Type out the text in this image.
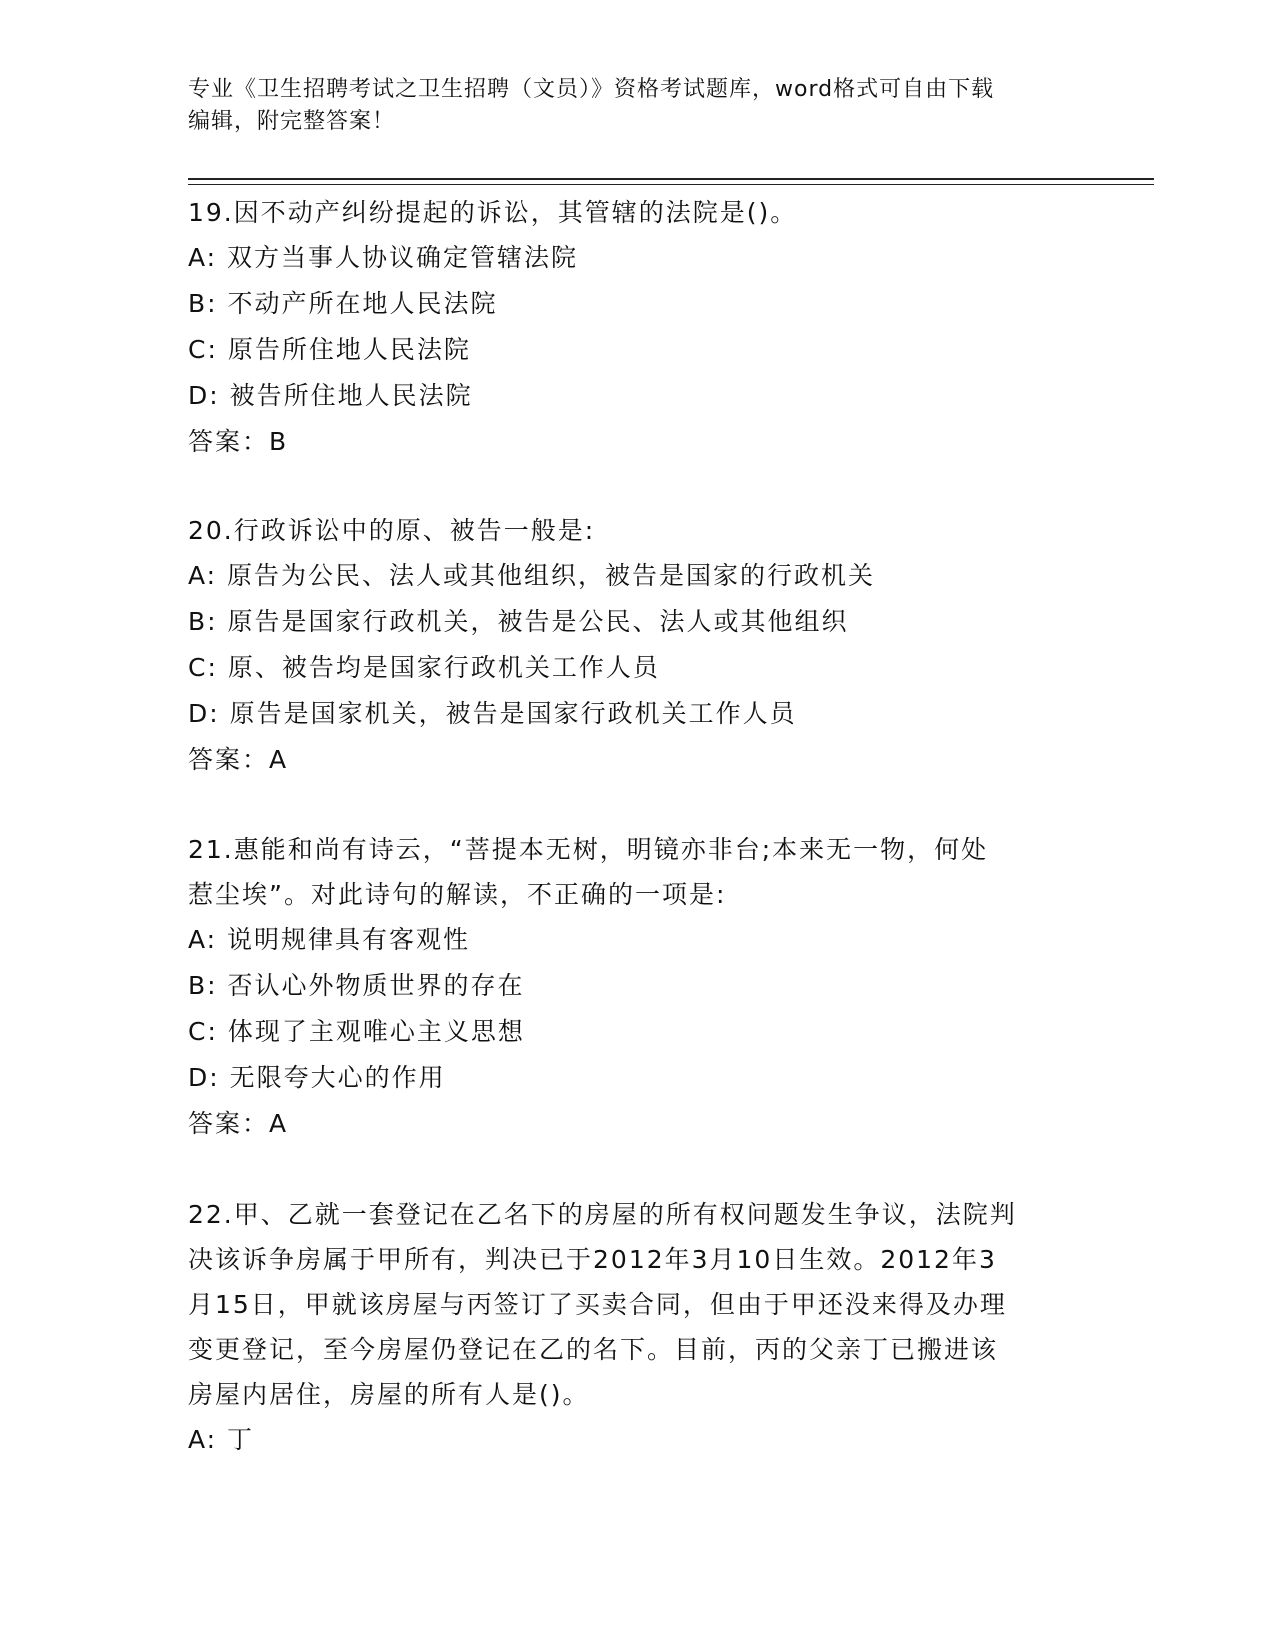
专业《卫生招聘考试之卫生招聘（文员）》资格考试题库，word格式可自由下载
编辑，附完整答案！

19.因不动产纠纷提起的诉讼，其管辖的法院是()。

A: 双方当事人协议确定管辖法院

B: 不动产所在地人民法院

C: 原告所住地人民法院

D: 被告所住地人民法院

答案：B

20.行政诉讼中的原、被告一般是:

A: 原告为公民、法人或其他组织，被告是国家的行政机关

B: 原告是国家行政机关，被告是公民、法人或其他组织

C: 原、被告均是国家行政机关工作人员

D: 原告是国家机关，被告是国家行政机关工作人员

答案：A

21.惠能和尚有诗云，“菩提本无树，明镜亦非台;本来无一物，何处

惹尘埃”。对此诗句的解读，不正确的一项是:

A: 说明规律具有客观性

B: 否认心外物质世界的存在

C: 体现了主观唯心主义思想

D: 无限夸大心的作用

答案：A

22.甲、乙就一套登记在乙名下的房屋的所有权问题发生争议，法院判

决该诉争房属于甲所有，判决已于2012年3月10日生效。2012年3

月15日，甲就该房屋与丙签订了买卖合同，但由于甲还没来得及办理

变更登记，至今房屋仍登记在乙的名下。目前，丙的父亲丁已搬进该

房屋内居住，房屋的所有人是()。

A: 丁
